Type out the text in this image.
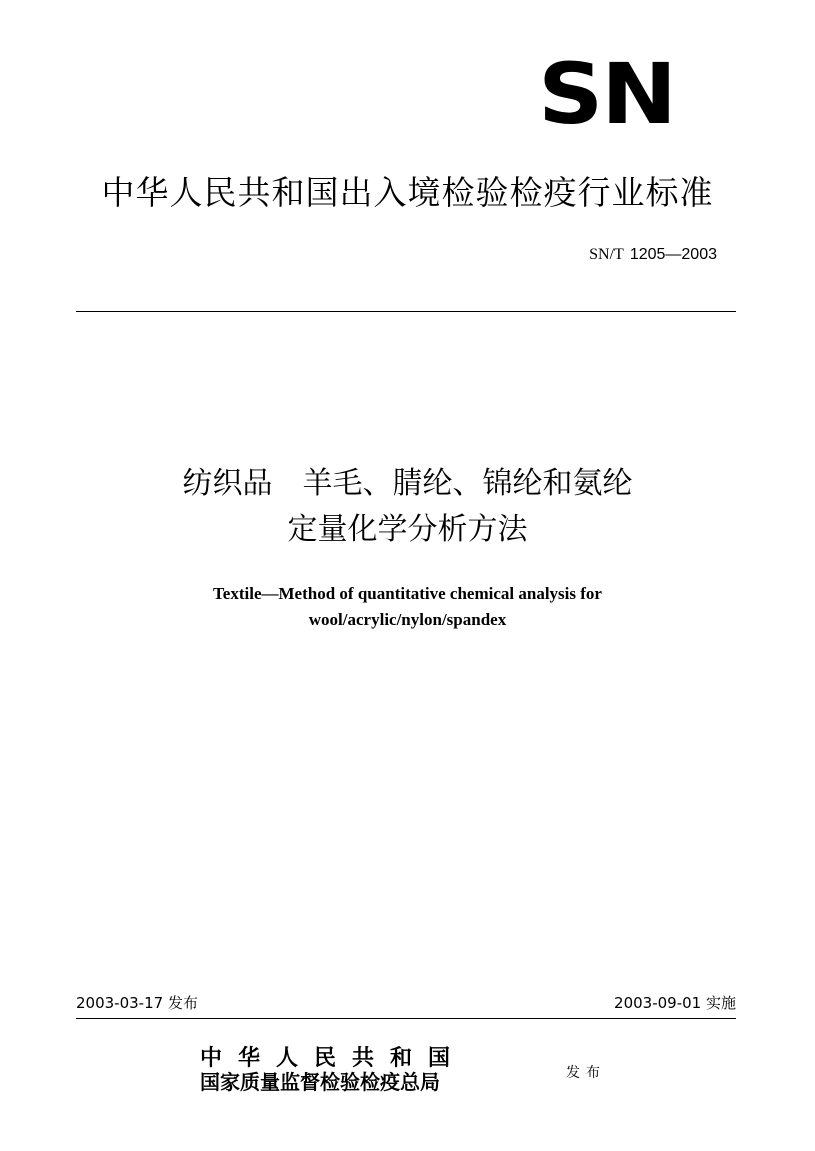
SN
中华人民共和国出入境检验检疫行业标准
SN/T 1205—2003
纺织品　羊毛、腈纶、锦纶和氨纶
定量化学分析方法
Textile—Method of quantitative chemical analysis for
wool/acrylic/nylon/spandex
2003-03-17 发布	2003-09-01 实施
中华人民共和国
国家质量监督检验检疫总局	发布
